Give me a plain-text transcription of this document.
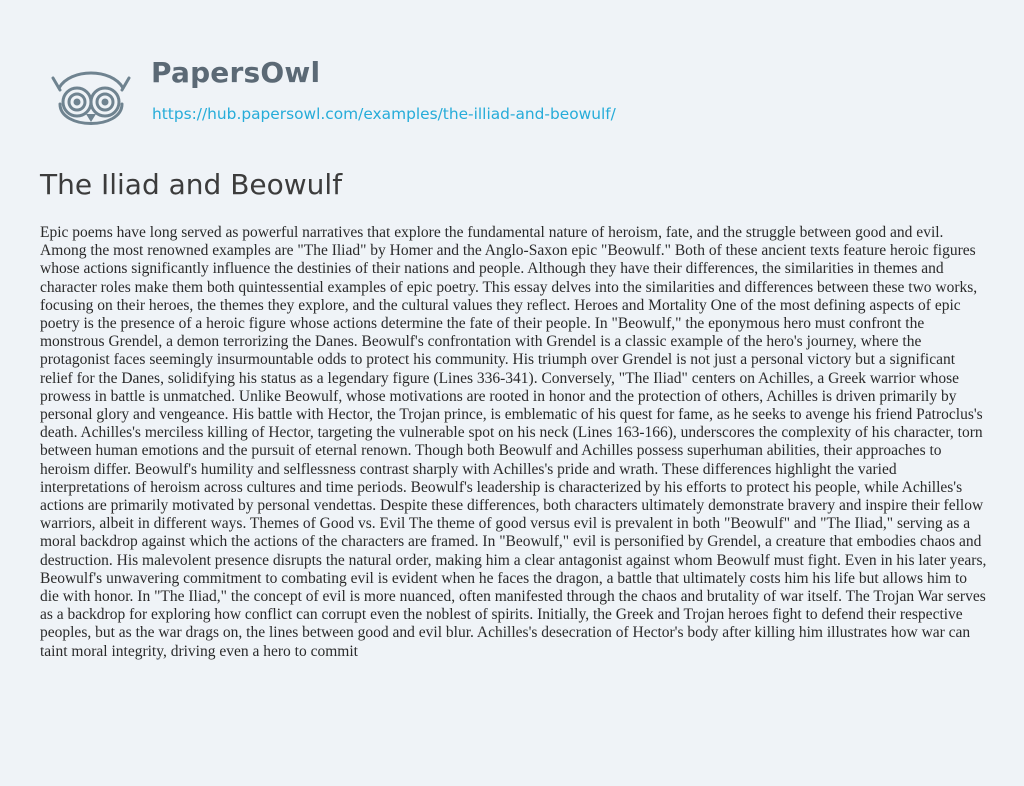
PapersOwl
https://hub.papersowl.com/examples/the-illiad-and-beowulf/
The Iliad and Beowulf

Epic poems have long served as powerful narratives that explore the fundamental nature of heroism, fate, and the struggle between good and evil. Among the most renowned examples are "The Iliad" by Homer and the Anglo-Saxon epic "Beowulf." Both of these ancient texts feature heroic figures whose actions significantly influence the destinies of their nations and people. Although they have their differences, the similarities in themes and character roles make them both quintessential examples of epic poetry. This essay delves into the similarities and differences between these two works, focusing on their heroes, the themes they explore, and the cultural values they reflect. Heroes and Mortality One of the most defining aspects of epic poetry is the presence of a heroic figure whose actions determine the fate of their people. In "Beowulf," the eponymous hero must confront the monstrous Grendel, a demon terrorizing the Danes. Beowulf's confrontation with Grendel is a classic example of the hero's journey, where the protagonist faces seemingly insurmountable odds to protect his community. His triumph over Grendel is not just a personal victory but a significant relief for the Danes, solidifying his status as a legendary figure (Lines 336-341). Conversely, "The Iliad" centers on Achilles, a Greek warrior whose prowess in battle is unmatched. Unlike Beowulf, whose motivations are rooted in honor and the protection of others, Achilles is driven primarily by personal glory and vengeance. His battle with Hector, the Trojan prince, is emblematic of his quest for fame, as he seeks to avenge his friend Patroclus's death. Achilles's merciless killing of Hector, targeting the vulnerable spot on his neck (Lines 163-166), underscores the complexity of his character, torn between human emotions and the pursuit of eternal renown. Though both Beowulf and Achilles possess superhuman abilities, their approaches to heroism differ. Beowulf's humility and selflessness contrast sharply with Achilles's pride and wrath. These differences highlight the varied interpretations of heroism across cultures and time periods. Beowulf's leadership is characterized by his efforts to protect his people, while Achilles's actions are primarily motivated by personal vendettas. Despite these differences, both characters ultimately demonstrate bravery and inspire their fellow warriors, albeit in different ways. Themes of Good vs. Evil The theme of good versus evil is prevalent in both "Beowulf" and "The Iliad," serving as a moral backdrop against which the actions of the characters are framed. In "Beowulf," evil is personified by Grendel, a creature that embodies chaos and destruction. His malevolent presence disrupts the natural order, making him a clear antagonist against whom Beowulf must fight. Even in his later years, Beowulf's unwavering commitment to combating evil is evident when he faces the dragon, a battle that ultimately costs him his life but allows him to die with honor. In "The Iliad," the concept of evil is more nuanced, often manifested through the chaos and brutality of war itself. The Trojan War serves as a backdrop for exploring how conflict can corrupt even the noblest of spirits. Initially, the Greek and Trojan heroes fight to defend their respective peoples, but as the war drags on, the lines between good and evil blur. Achilles's desecration of Hector's body after killing him illustrates how war can taint moral integrity, driving even a hero to commit
